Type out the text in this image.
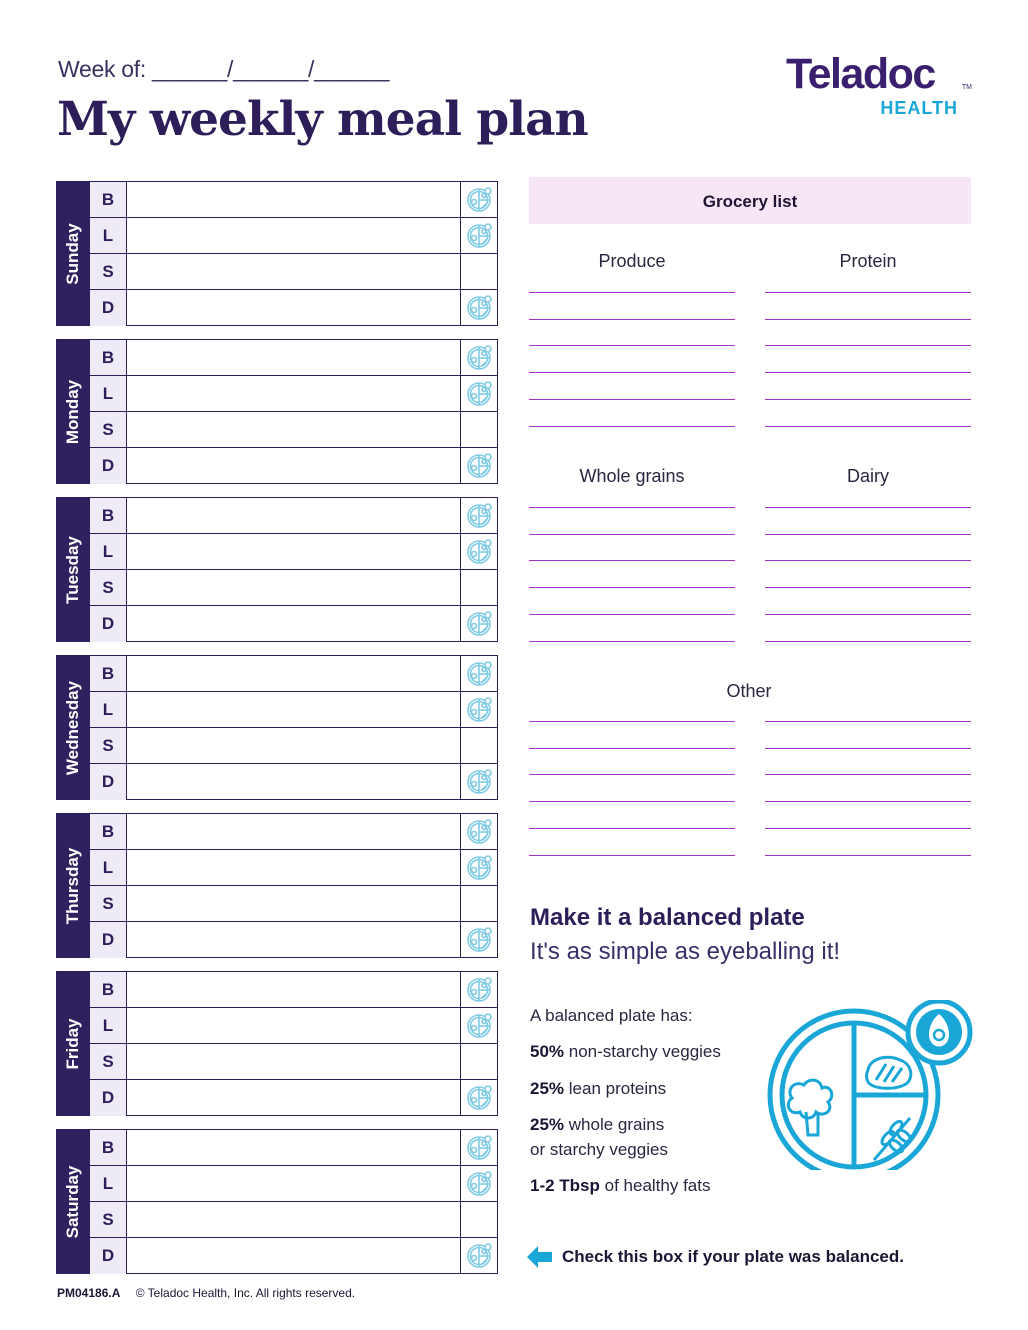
Week of: ______/______/______
My weekly meal plan
Teladoc	TM
HEALTH
Sunday
B
L
S
D
Monday
B
L
S
D
Tuesday
B
L
S
D
Wednesday
B
L
S
D
Thursday
B
L
S
D
Friday
B
L
S
D
Saturday
B
L
S
D
Grocery list
Produce	Protein
Whole grains	Dairy
Other
Make it a balanced plate
It's as simple as eyeballing it!
A balanced plate has:
50% non-starchy veggies
25% lean proteins
25% whole grains
or starchy veggies
1-2 Tbsp of healthy fats
Check this box if your plate was balanced.
PM04186.A © Teladoc Health, Inc. All rights reserved.
